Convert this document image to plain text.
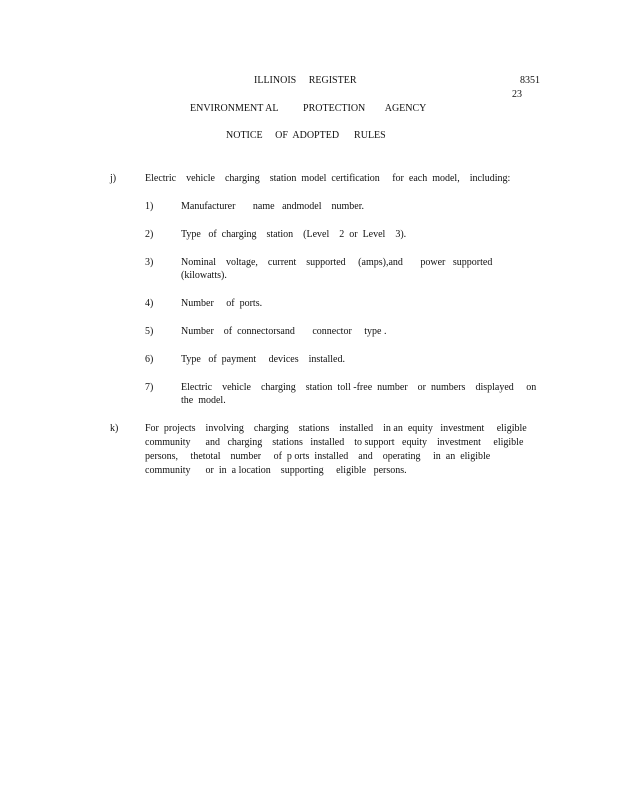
ILLINOIS     REGISTER	8351
23
ENVIRONMENT AL          PROTECTION        AGENCY
NOTICE     OF  ADOPTED      RULES
j)	Electric    vehicle    charging    station  model  certification     for  each  model,    including:
1)	Manufacturer       name   andmodel    number.
2)	Type   of  charging    station    (Level    2  or  Level    3).
3)	Nominal    voltage,    current    supported     (amps),and       power   supported
(kilowatts).
4)	Number     of  ports.
5)	Number    of  connectorsand       connector     type .
6)	Type   of  payment     devices    installed.
7)	Electric    vehicle    charging    station  toll -free  number    or  numbers    displayed     on
the  model.
k)	For  projects    involving    charging    stations    installed    in an  equity   investment     eligible
community      and   charging    stations   installed    to support   equity    investment     eligible
persons,     thetotal    number     of  p orts  installed    and    operating     in  an  eligible
community      or  in  a location    supporting     eligible   persons.
